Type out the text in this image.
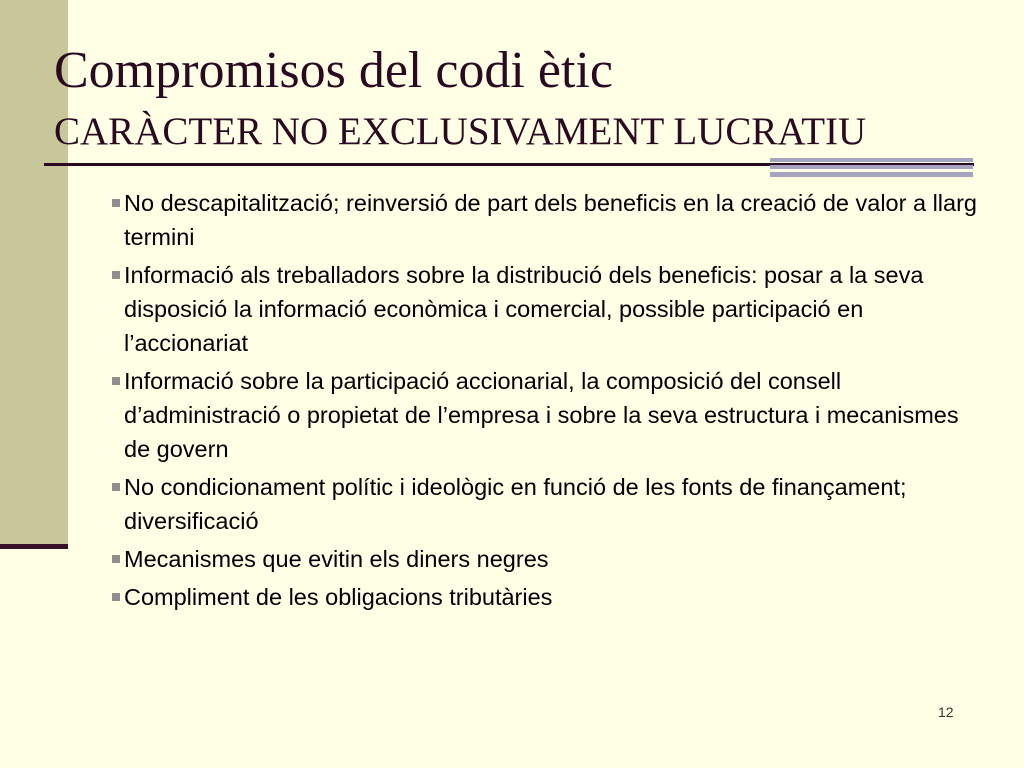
Compromisos del codi ètic
CARÀCTER NO EXCLUSIVAMENT LUCRATIU
No descapitalització; reinversió de part dels beneficis en la creació de valor a llarg termini
Informació als treballadors sobre la distribució dels beneficis: posar a la seva disposició la informació econòmica i comercial, possible participació en l’accionariat
Informació sobre la participació accionarial, la composició del consell d’administració o propietat de l’empresa i sobre la seva estructura i mecanismes de govern
No condicionament polític i ideològic en funció de les fonts de finançament; diversificació
Mecanismes que evitin els diners negres
Compliment de les obligacions tributàries
12
